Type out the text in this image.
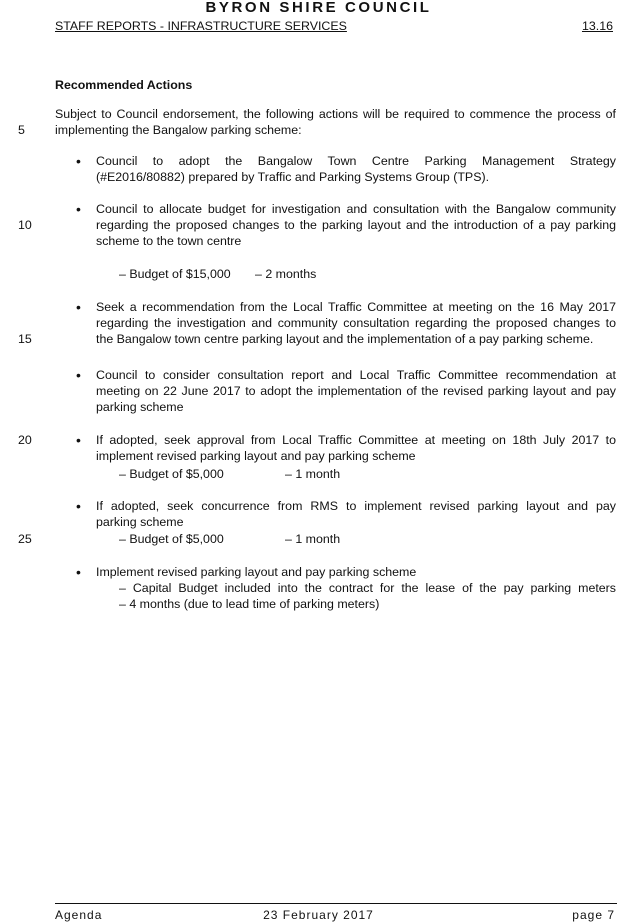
BYRON SHIRE COUNCIL
STAFF REPORTS - INFRASTRUCTURE SERVICES	13.16
Recommended Actions
Subject to Council endorsement, the following actions will be required to commence the process of implementing the Bangalow parking scheme:
5
10
15
20
25
• Council to adopt the Bangalow Town Centre Parking Management Strategy
(#E2016/80882) prepared by Traffic and Parking Systems Group (TPS).
• Council to allocate budget for investigation and consultation with the Bangalow community
regarding the proposed changes to the parking layout and the introduction of a pay parking
scheme to the town centre
– Budget of $15,000 – 2 months
• Seek a recommendation from the Local Traffic Committee at meeting on the 16 May 2017
regarding the investigation and community consultation regarding the proposed changes to
the Bangalow town centre parking layout and the implementation of a pay parking scheme.
• Council to consider consultation report and Local Traffic Committee recommendation at
meeting on 22 June 2017 to adopt the implementation of the revised parking layout and pay
parking scheme
• If adopted, seek approval from Local Traffic Committee at meeting on 18th July 2017 to
implement revised parking layout and pay parking scheme
– Budget of $5,000	– 1 month
• If adopted, seek concurrence from RMS to implement revised parking layout and pay
parking scheme
– Budget of $5,000	– 1 month
• Implement revised parking layout and pay parking scheme
– Capital Budget included into the contract for the lease of the pay parking meters
– 4 months (due to lead time of parking meters)
Agenda	23 February 2017	page 7
